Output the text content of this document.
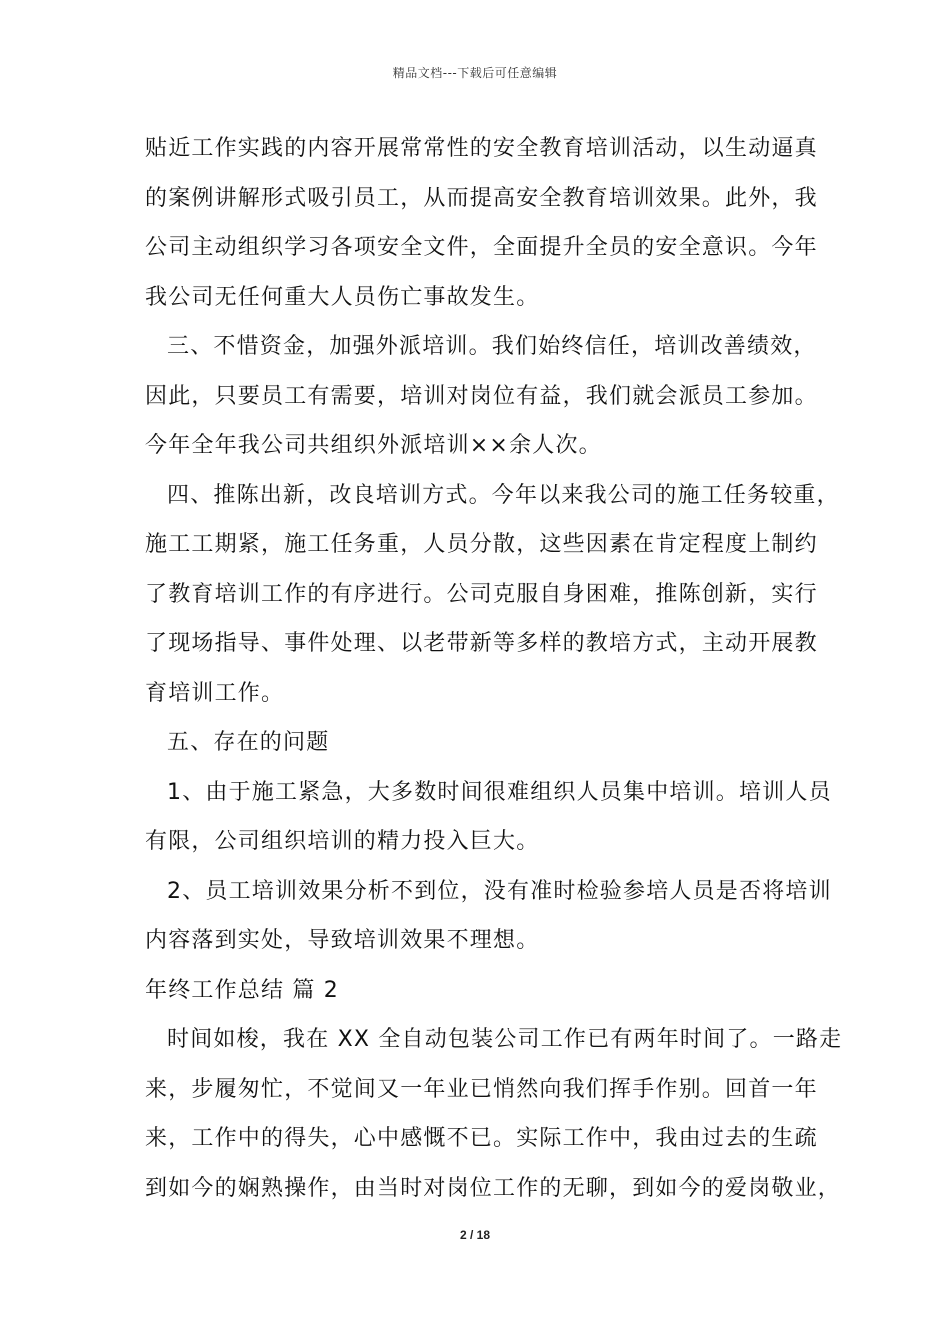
精品文档---下载后可任意编辑
贴近工作实践的内容开展常常性的安全教育培训活动，以生动逼真
的案例讲解形式吸引员工，从而提高安全教育培训效果。此外，我
公司主动组织学习各项安全文件，全面提升全员的安全意识。今年
我公司无任何重大人员伤亡事故发生。
三、不惜资金，加强外派培训。我们始终信任，培训改善绩效，
因此，只要员工有需要，培训对岗位有益，我们就会派员工参加。
今年全年我公司共组织外派培训××余人次。
四、推陈出新，改良培训方式。今年以来我公司的施工任务较重，
施工工期紧，施工任务重，人员分散，这些因素在肯定程度上制约
了教育培训工作的有序进行。公司克服自身困难，推陈创新，实行
了现场指导、事件处理、以老带新等多样的教培方式，主动开展教
育培训工作。
五、存在的问题
1、由于施工紧急，大多数时间很难组织人员集中培训。培训人员
有限，公司组织培训的精力投入巨大。
2、员工培训效果分析不到位，没有准时检验参培人员是否将培训
内容落到实处，导致培训效果不理想。
年终工作总结 篇 2
时间如梭，我在 XX 全自动包装公司工作已有两年时间了。一路走
来，步履匆忙，不觉间又一年业已悄然向我们挥手作别。回首一年
来，工作中的得失，心中感慨不已。实际工作中，我由过去的生疏
到如今的娴熟操作，由当时对岗位工作的无聊，到如今的爱岗敬业，
2 / 18
